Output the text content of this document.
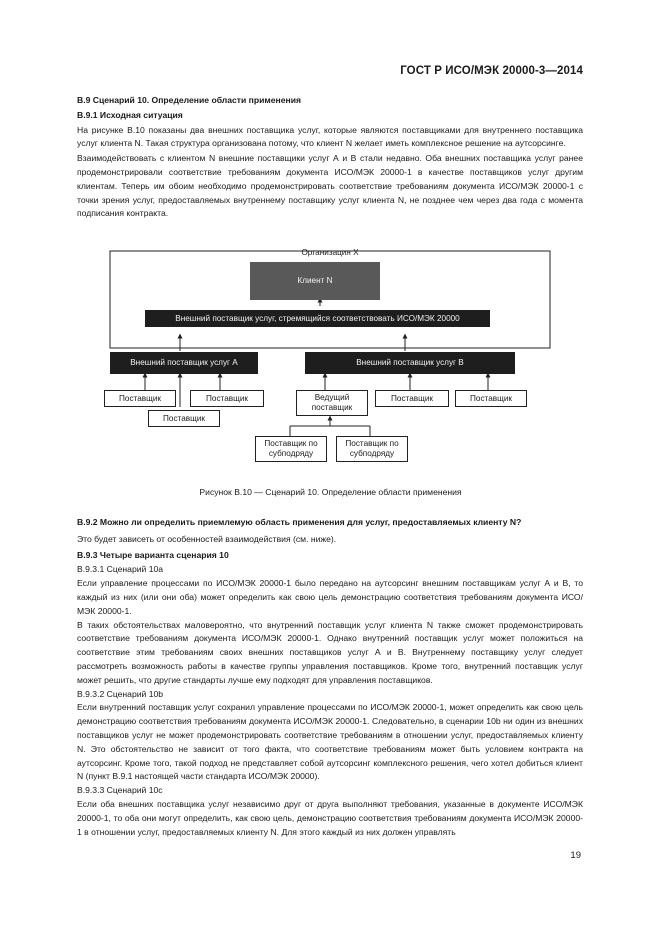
ГОСТ Р ИСО/МЭК 20000-3—2014
В.9 Сценарий 10. Определение области применения
В.9.1 Исходная ситуация
На рисунке В.10 показаны два внешних поставщика услуг, которые являются поставщиками для внутреннего поставщика услуг клиента N. Такая структура организована потому, что клиент N желает иметь комплексное решение на аутсорсинге.
Взаимодействовать с клиентом N внешние поставщики услуг А и В стали недавно. Оба внешних поставщика услуг ранее продемонстрировали соответствие требованиям документа ИСО/МЭК 20000-1 в качестве поставщиков услуг другим клиентам. Теперь им обоим необходимо продемонстрировать соответствие требованиям документа ИСО/МЭК 20000-1 с точки зрения услуг, предоставляемых внутреннему поставщику услуг клиента N, не позднее чем через два года с момента подписания контракта.
Организация X
Клиент N
Внешний поставщик услуг, стремящийся соответствовать ИСО/МЭК 20000
Внешний поставщик услуг А	Внешний поставщик услуг В
Поставщик	Поставщик
Поставщик
Ведущий поставщик
Поставщик	Поставщик
Поставщик по субподряду
Поставщик по субподряду
Рисунок В.10 — Сценарий 10. Определение области применения
В.9.2 Можно ли определить приемлемую область применения для услуг, предоставляемых клиенту N?
Это будет зависеть от особенностей взаимодействия (см. ниже).
В.9.3 Четыре варианта сценария 10
В.9.3.1 Сценарий 10а
Если управление процессами по ИСО/МЭК 20000-1 было передано на аутсорсинг внешним поставщикам услуг А и В, то каждый из них (или они оба) может определить как свою цель демонстрацию соответствия требованиям документа ИСО/МЭК 20000-1.
В таких обстоятельствах маловероятно, что внутренний поставщик услуг клиента N также сможет продемонстрировать соответствие требованиям документа ИСО/МЭК 20000-1. Однако внутренний поставщик услуг может положиться на соответствие этим требованиям своих внешних поставщиков услуг А и В. Внутреннему поставщику услуг следует рассмотреть возможность работы в качестве группы управления поставщиков. Кроме того, внутренний поставщик услуг может решить, что другие стандарты лучше ему подходят для управления поставщиков.
В.9.3.2 Сценарий 10b
Если внутренний поставщик услуг сохранил управление процессами по ИСО/МЭК 20000-1, может определить как свою цель демонстрацию соответствия требованиям документа ИСО/МЭК 20000-1. Следовательно, в сценарии 10b ни один из внешних поставщиков услуг не может продемонстрировать соответствие требованиям в отношении услуг, предоставляемых клиенту N. Это обстоятельство не зависит от того факта, что соответствие требованиям может быть условием контракта на аутсорсинг. Кроме того, такой подход не представляет собой аутсорсинг комплексного решения, чего хотел добиться клиент N (пункт В.9.1 настоящей части стандарта ИСО/МЭК 20000).
В.9.3.3 Сценарий 10с
Если оба внешних поставщика услуг независимо друг от друга выполняют требования, указанные в документе ИСО/МЭК 20000-1, то оба они могут определить, как свою цель, демонстрацию соответствия требованиям документа ИСО/МЭК 20000-1 в отношении услуг, предоставляемых клиенту N. Для этого каждый из них должен управлять
19
